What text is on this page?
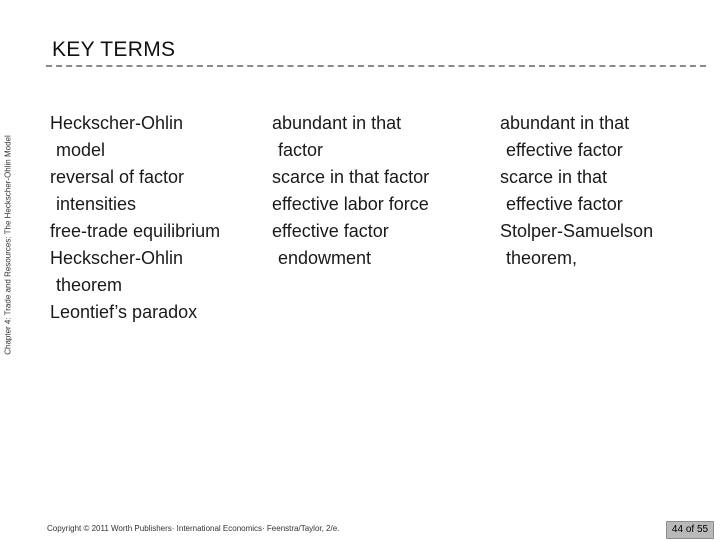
Chapter 4: Trade and Resources: The Heckscher-Ohlin Model
KEY TERMS
Heckscher-Ohlin
model
reversal of factor
intensities
free-trade equilibrium
Heckscher-Ohlin
theorem
Leontief’s paradox
abundant in that
factor
scarce in that factor
effective labor force
effective factor
endowment
abundant in that
effective factor
scarce in that
effective factor
Stolper-Samuelson
theorem,
Copyright © 2011 Worth Publishers· International Economics· Feenstra/Taylor, 2/e.	44 of 55
